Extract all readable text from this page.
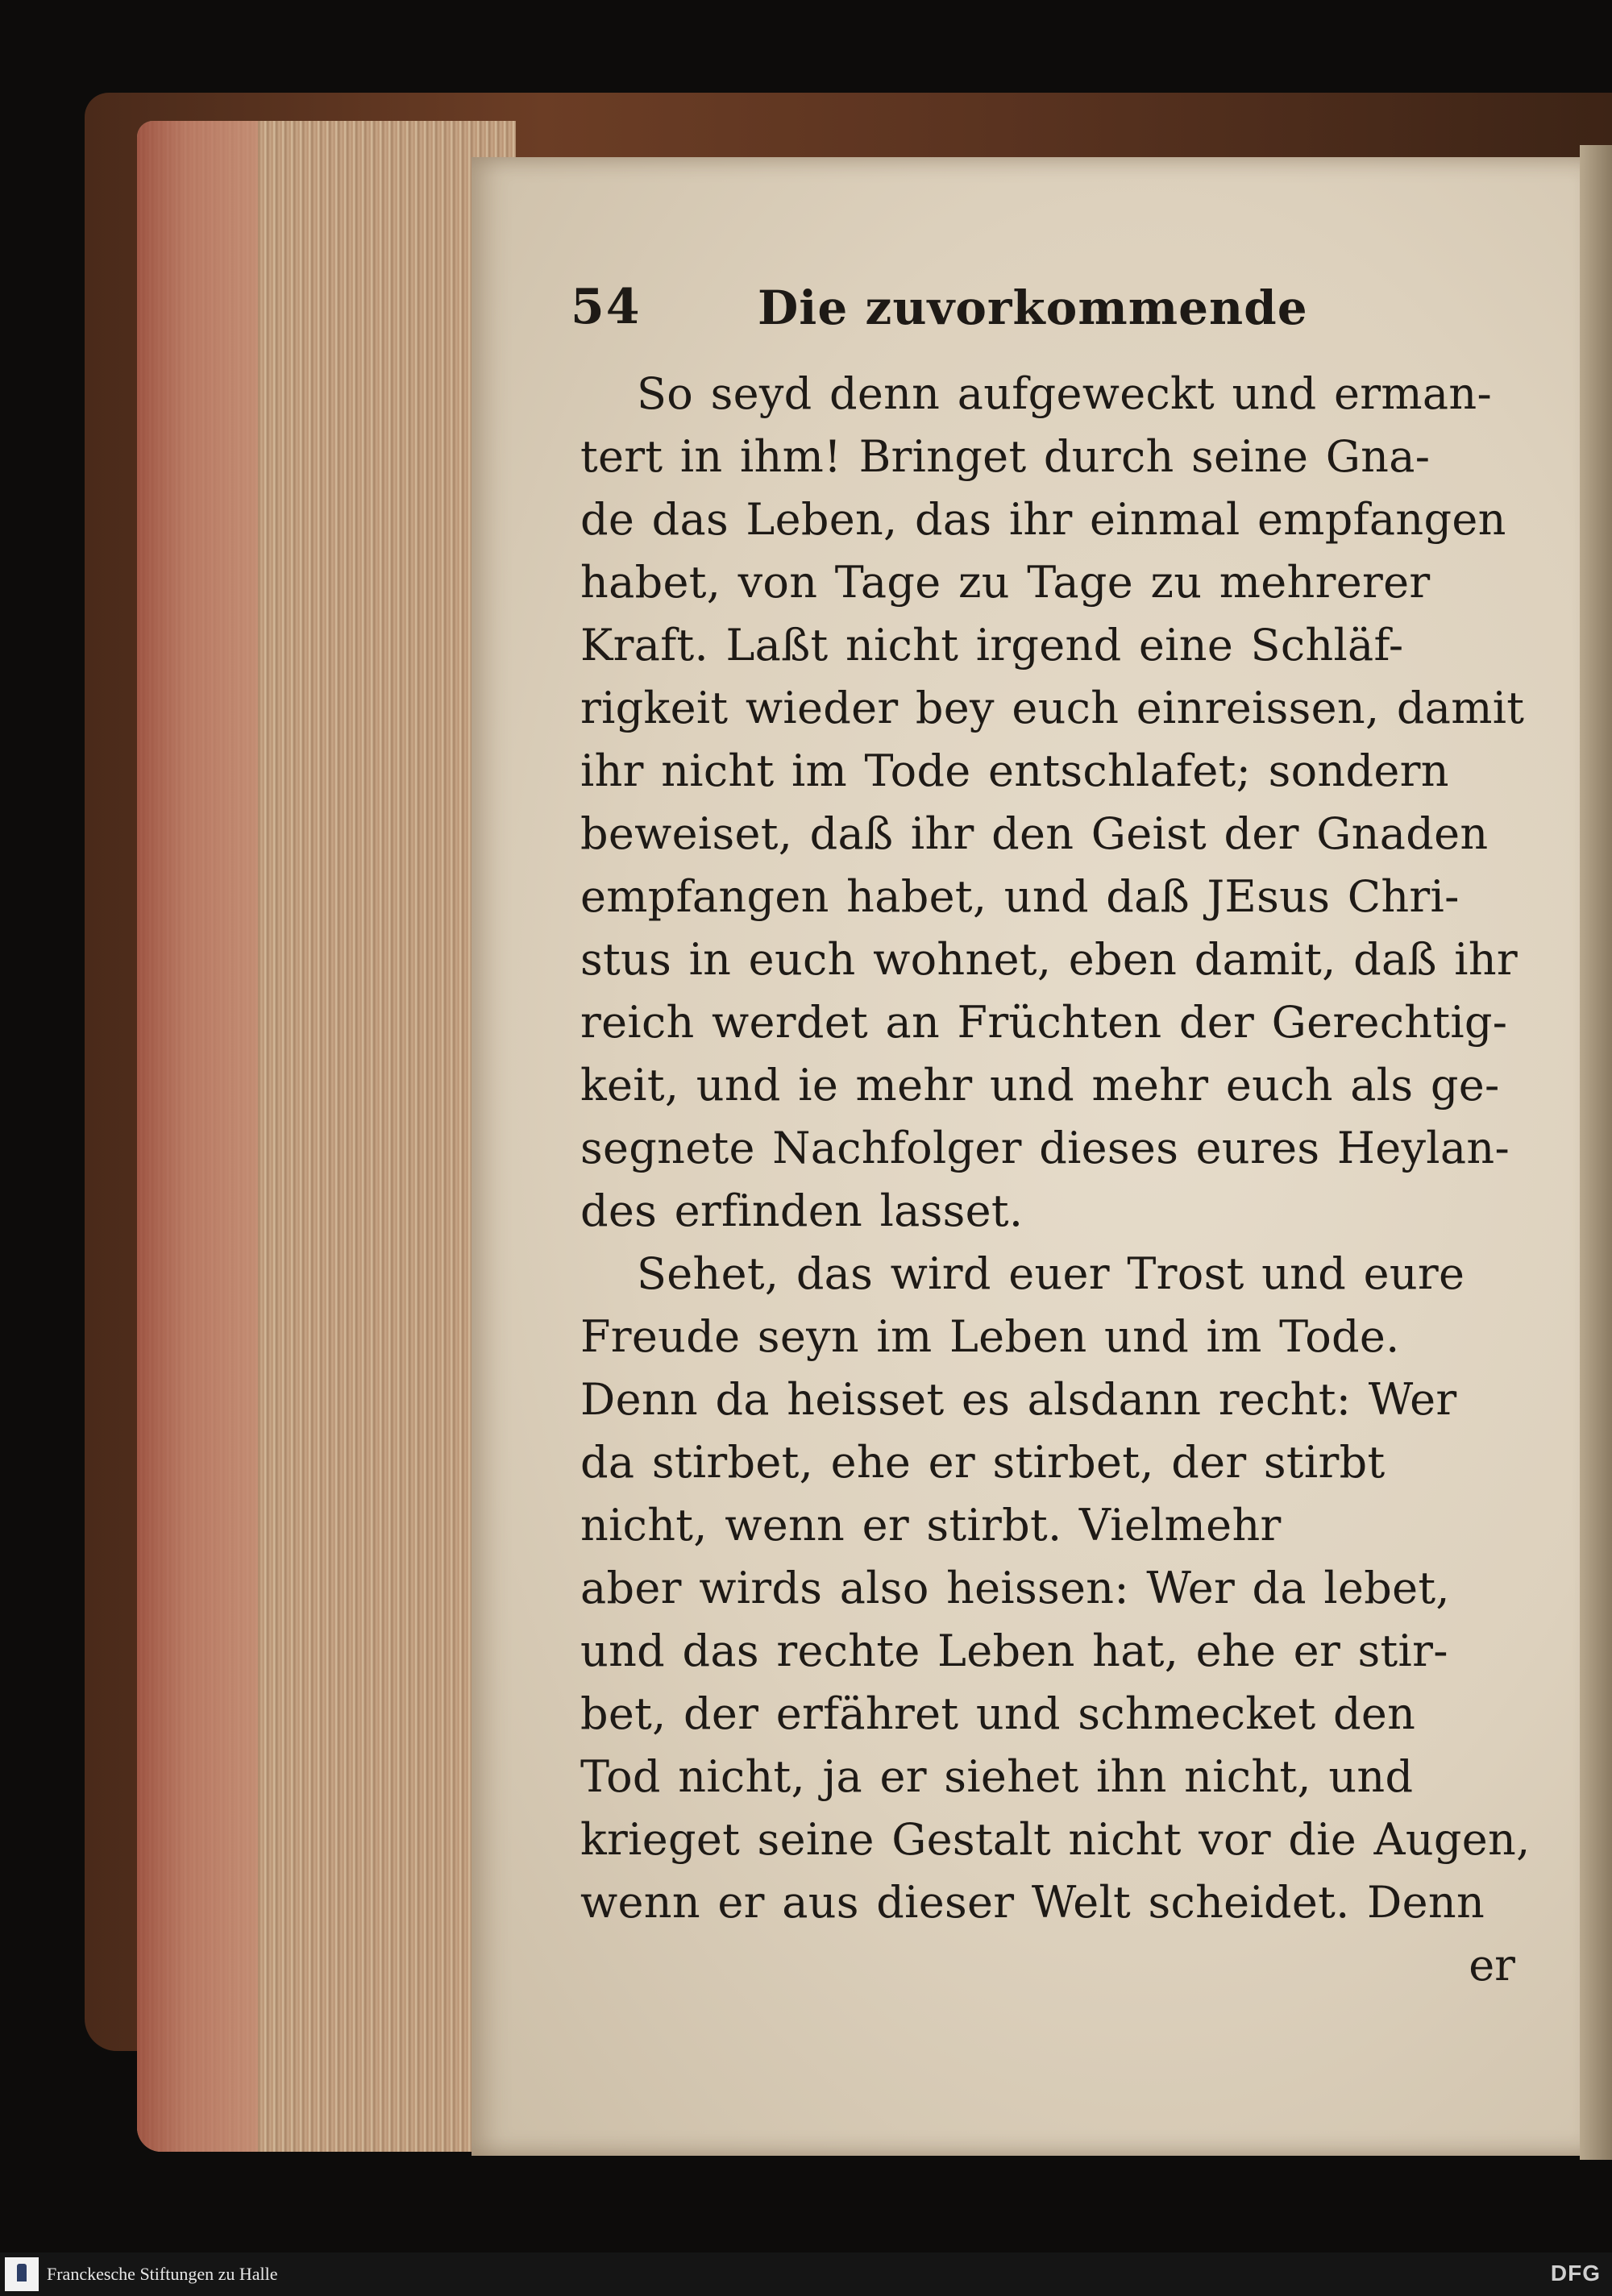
54 Die zuvorkommende
So seyd denn aufgeweckt und erman-
tert in ihm! Bringet durch seine Gna-
de das Leben, das ihr einmal empfangen
habet, von Tage zu Tage zu mehrerer
Kraft. Laßt nicht irgend eine Schläf-
rigkeit wieder bey euch einreissen, damit
ihr nicht im Tode entschlafet; sondern
beweiset, daß ihr den Geist der Gnaden
empfangen habet, und daß JEsus Chri-
stus in euch wohnet, eben damit, daß ihr
reich werdet an Früchten der Gerechtig-
keit, und ie mehr und mehr euch als ge-
segnete Nachfolger dieses eures Heylan-
des erfinden lasset.
Sehet, das wird euer Trost und eure
Freude seyn im Leben und im Tode.
Denn da heisset es alsdann recht: Wer
da stirbet, ehe er stirbet, der stirbt
nicht, wenn er stirbt. Vielmehr
aber wirds also heissen: Wer da lebet,
und das rechte Leben hat, ehe er stir-
bet, der erfähret und schmecket den
Tod nicht, ja er siehet ihn nicht, und
krieget seine Gestalt nicht vor die Augen,
wenn er aus dieser Welt scheidet. Denn
er
Franckesche Stiftungen zu Halle	DFG
